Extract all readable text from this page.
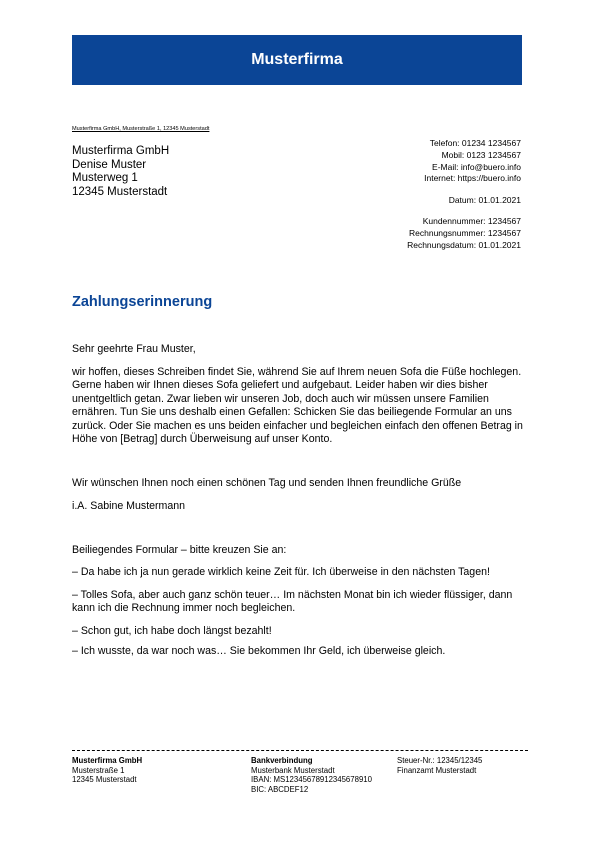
Musterfirma
Musterfirma GmbH, Musterstraße 1, 12345 Musterstadt
Musterfirma GmbH
Denise Muster
Musterweg 1
12345 Musterstadt
Telefon: 01234 1234567
Mobil: 0123 1234567
E-Mail: info@buero.info
Internet: https://buero.info
Datum: 01.01.2021
Kundennummer: 1234567
Rechnungsnummer: 1234567
Rechnungsdatum: 01.01.2021
Zahlungserinnerung
Sehr geehrte Frau Muster,
wir hoffen, dieses Schreiben findet Sie, während Sie auf Ihrem neuen Sofa die Füße hochlegen. Gerne haben wir Ihnen dieses Sofa geliefert und aufgebaut. Leider haben wir dies bisher unentgeltlich getan. Zwar lieben wir unseren Job, doch auch wir müssen unsere Familien ernähren. Tun Sie uns deshalb einen Gefallen: Schicken Sie das beiliegende Formular an uns zurück. Oder Sie machen es uns beiden einfacher und begleichen einfach den offenen Betrag in Höhe von [Betrag] durch Überweisung auf unser Konto.
Wir wünschen Ihnen noch einen schönen Tag und senden Ihnen freundliche Grüße
i.A. Sabine Mustermann
Beiliegendes Formular – bitte kreuzen Sie an:
– Da habe ich ja nun gerade wirklich keine Zeit für. Ich überweise in den nächsten Tagen!
– Tolles Sofa, aber auch ganz schön teuer… Im nächsten Monat bin ich wieder flüssiger, dann kann ich die Rechnung immer noch begleichen.
– Schon gut, ich habe doch längst bezahlt!
– Ich wusste, da war noch was… Sie bekommen Ihr Geld, ich überweise gleich.
Musterfirma GmbH
Musterstraße 1
12345 Musterstadt
Bankverbindung
Musterbank Musterstadt
IBAN: MS12345678912345678910
BIC: ABCDEF12
Steuer-Nr.: 12345/12345
Finanzamt Musterstadt
